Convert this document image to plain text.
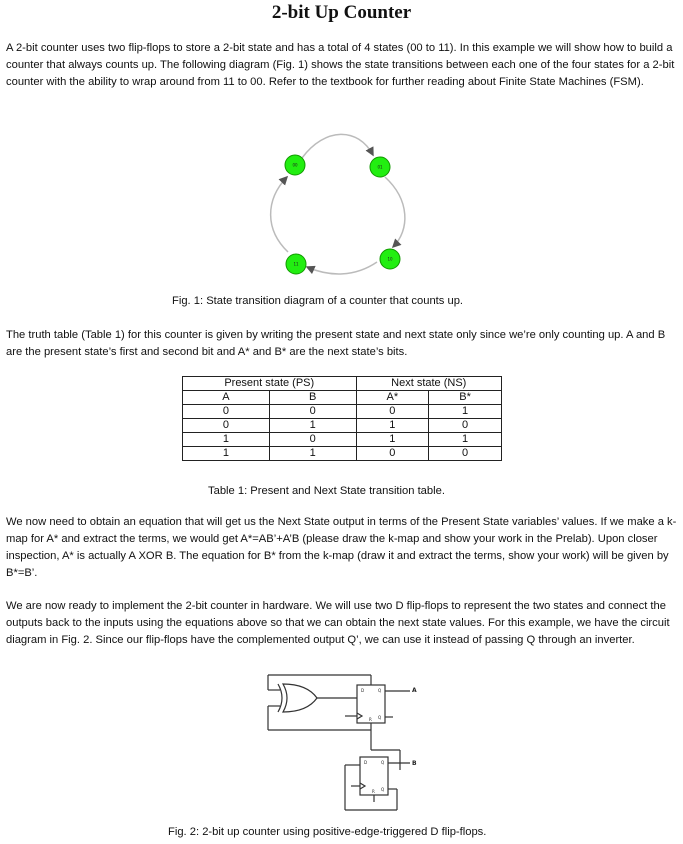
2-bit Up Counter

A 2-bit counter uses two flip-flops to store a 2-bit state and has a total of 4 states (00 to 11). In this example we will show how to build a counter that always counts up. The following diagram (Fig. 1) shows the state transitions between each one of the four states for a 2-bit counter with the ability to wrap around from 11 to 00. Refer to the textbook for further reading about Finite State Machines (FSM).

00	01
10
11
Fig. 1: State transition diagram of a counter that counts up.

The truth table (Table 1) for this counter is given by writing the present state and next state only since we’re only counting up. A and B are the present state’s first and second bit and A* and B* are the next state’s bits.

Present state (PS)		Next state (NS)	
A	B	A*	B*
0	0	0	1
0	1	1	0
1	0	1	1
1	1	0	0
Table 1: Present and Next State transition table.

We now need to obtain an equation that will get us the Next State output in terms of the Present State variables’ values. If we make a k-map for A* and extract the terms, we would get A*=AB’+A’B (please draw the k-map and show your work in the Prelab). Upon closer inspection, A* is actually A XOR B. The equation for B* from the k-map (draw it and extract the terms, show your work) will be given by B*=B’.

We are now ready to implement the 2-bit counter in hardware. We will use two D flip-flops to represent the two states and connect the outputs back to the inputs using the equations above so that we can obtain the next state values. For this example, we have the circuit diagram in Fig. 2. Since our flip-flops have the complemented output Q’, we can use it instead of passing Q through an inverter.

D	Q
R Q
D	Q
R Q
A
B
Fig. 2: 2-bit up counter using positive-edge-triggered D flip-flops.
